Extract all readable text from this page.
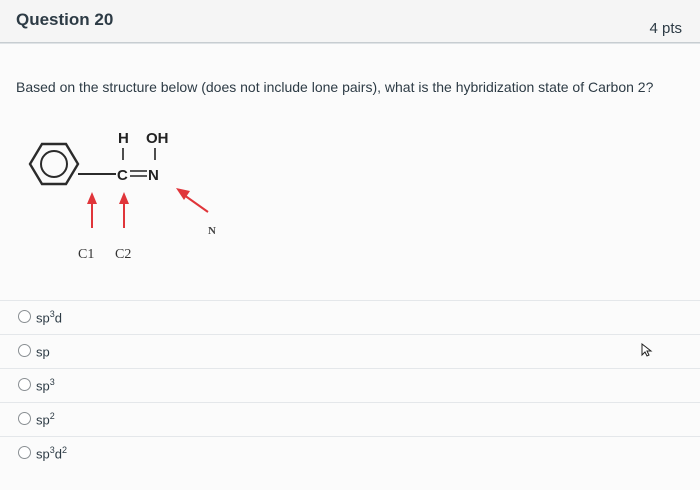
Question 20	4 pts
Based on the structure below (does not include lone pairs), what is the hybridization state of Carbon 2?
H OH
C N
N
C1 C2
$sp^3d$
sp
$sp^3$
$sp^2$
$sp^3d^2$
